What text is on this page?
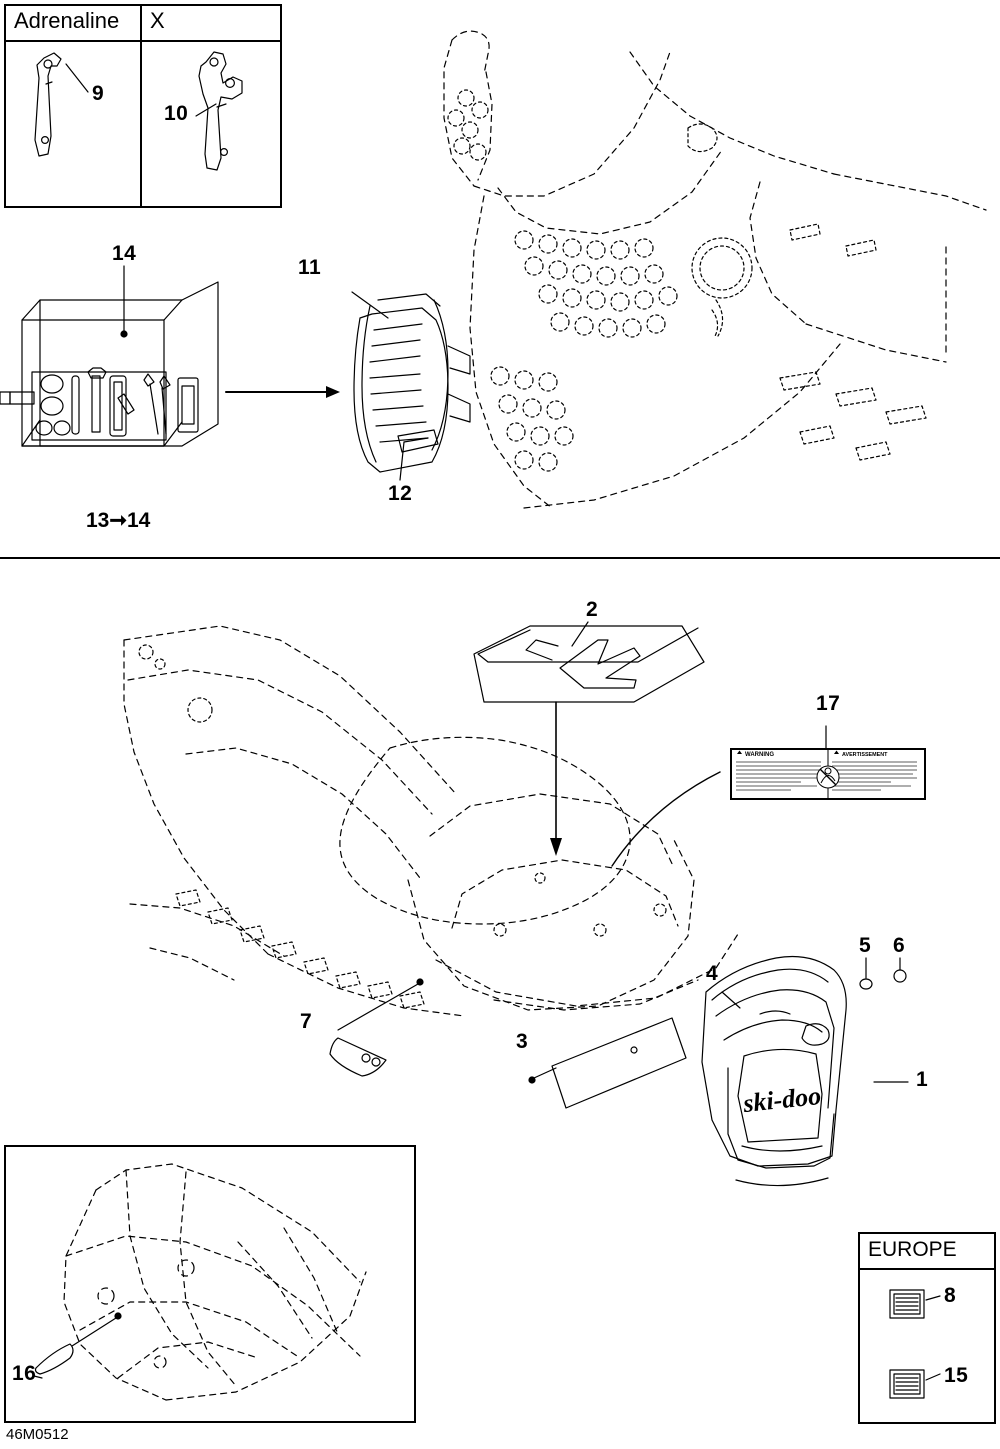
Adrenaline X
EUROPE
ski-doo
WARNING	AVERTISSEMENT
9
10
14
13➞14
11
12
2
17
5 6
4
3
7
1
16
8
15
46M0512
